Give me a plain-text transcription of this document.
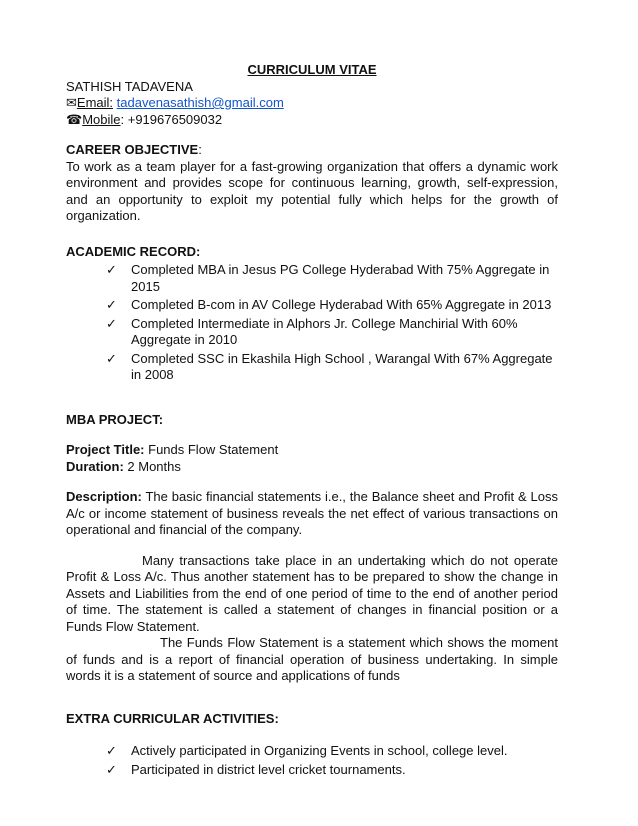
CURRICULUM VITAE

SATHISH TADAVENA

✉Email: tadavenasathish@gmail.com

☎Mobile: +919676509032

CAREER OBJECTIVE:

To work as a team player for a fast-growing organization that offers a dynamic work environment and provides scope for continuous learning, growth, self-expression, and an opportunity to exploit my potential fully which helps for the growth of organization.

ACADEMIC RECORD:

✓ Completed MBA in Jesus PG College Hyderabad With 75% Aggregate in 2015
✓ Completed B-com in AV College Hyderabad With 65% Aggregate in 2013
✓ Completed Intermediate in Alphors Jr. College Manchirial With 60% Aggregate in 2010
✓ Completed SSC in Ekashila High School , Warangal With 67% Aggregate in 2008

MBA PROJECT:

Project Title: Funds Flow Statement

Duration: 2 Months

Description: The basic financial statements i.e., the Balance sheet and Profit & Loss A/c or income statement of business reveals the net effect of various transactions on operational and financial of the company.

Many transactions take place in an undertaking which do not operate Profit & Loss A/c. Thus another statement has to be prepared to show the change in Assets and Liabilities from the end of one period of time to the end of another period of time. The statement is called a statement of changes in financial position or a Funds Flow Statement.

The Funds Flow Statement is a statement which shows the moment of funds and is a report of financial operation of business undertaking. In simple words it is a statement of source and applications of funds

EXTRA CURRICULAR ACTIVITIES:

✓ Actively participated in Organizing Events in school, college level.
✓ Participated in district level cricket tournaments.
